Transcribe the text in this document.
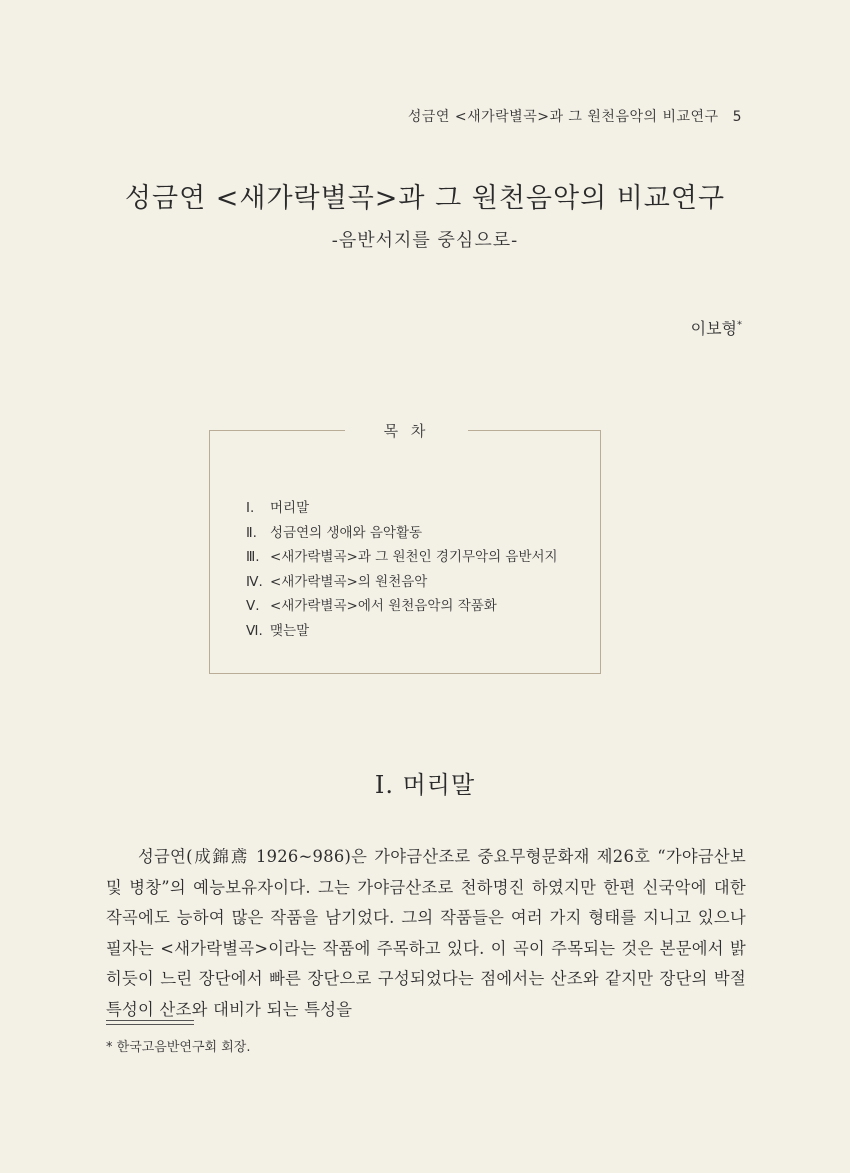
성금연 <새가락별곡>과 그 원천음악의 비교연구 5
성금연 <새가락별곡>과 그 원천음악의 비교연구
-음반서지를 중심으로-
이보형*
목 차
Ⅰ. 머리말
Ⅱ. 성금연의 생애와 음악활동
Ⅲ. <새가락별곡>과 그 원천인 경기무악의 음반서지
Ⅳ. <새가락별곡>의 원천음악
Ⅴ. <새가락별곡>에서 원천음악의 작품화
Ⅵ. 맺는말
Ⅰ. 머리말

성금연(成錦鳶 1926~986)은 가야금산조로 중요무형문화재 제26호 “가야금산보 및 병창”의 예능보유자이다. 그는 가야금산조로 천하명진 하였지만 한편 신국악에 대한 작곡에도 능하여 많은 작품을 남기었다. 그의 작품들은 여러 가지 형태를 지니고 있으나 필자는 <새가락별곡>이라는 작품에 주목하고 있다. 이 곡이 주목되는 것은 본문에서 밝히듯이 느린 장단에서 빠른 장단으로 구성되었다는 점에서는 산조와 같지만 장단의 박절 특성이 산조와 대비가 되는 특성을

* 한국고음반연구회 회장.
